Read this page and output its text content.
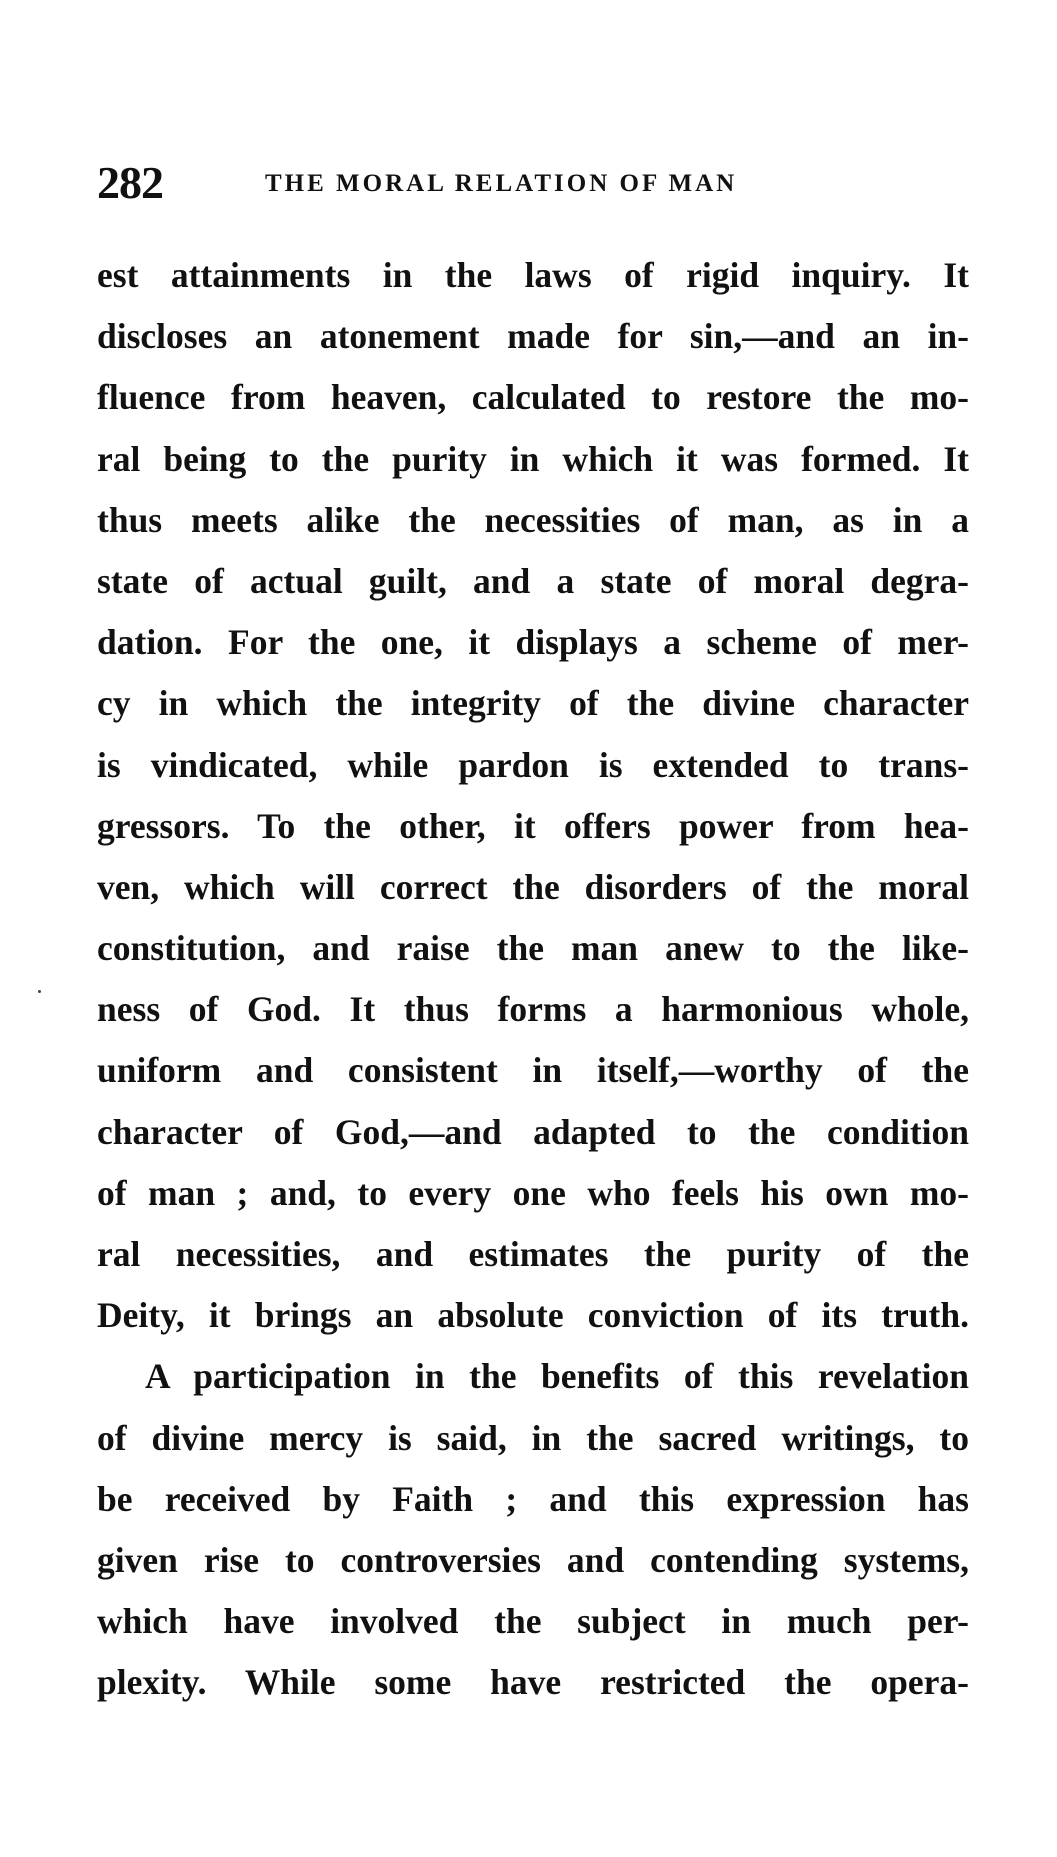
282	THE MORAL RELATION OF MAN
est attainments in the laws of rigid inquiry. It
discloses an atonement made for sin,—and an in-
fluence from heaven, calculated to restore the mo-
ral being to the purity in which it was formed. It
thus meets alike the necessities of man, as in a
state of actual guilt, and a state of moral degra-
dation. For the one, it displays a scheme of mer-
cy in which the integrity of the divine character
is vindicated, while pardon is extended to trans-
gressors. To the other, it offers power from hea-
ven, which will correct the disorders of the moral
constitution, and raise the man anew to the like-
ness of God. It thus forms a harmonious whole,
uniform and consistent in itself,—worthy of the
character of God,—and adapted to the condition
of man ; and, to every one who feels his own mo-
ral necessities, and estimates the purity of the
Deity, it brings an absolute conviction of its truth.
A participation in the benefits of this revelation
of divine mercy is said, in the sacred writings, to
be received by Faith ; and this expression has
given rise to controversies and contending systems,
which have involved the subject in much per-
plexity. While some have restricted the opera-
